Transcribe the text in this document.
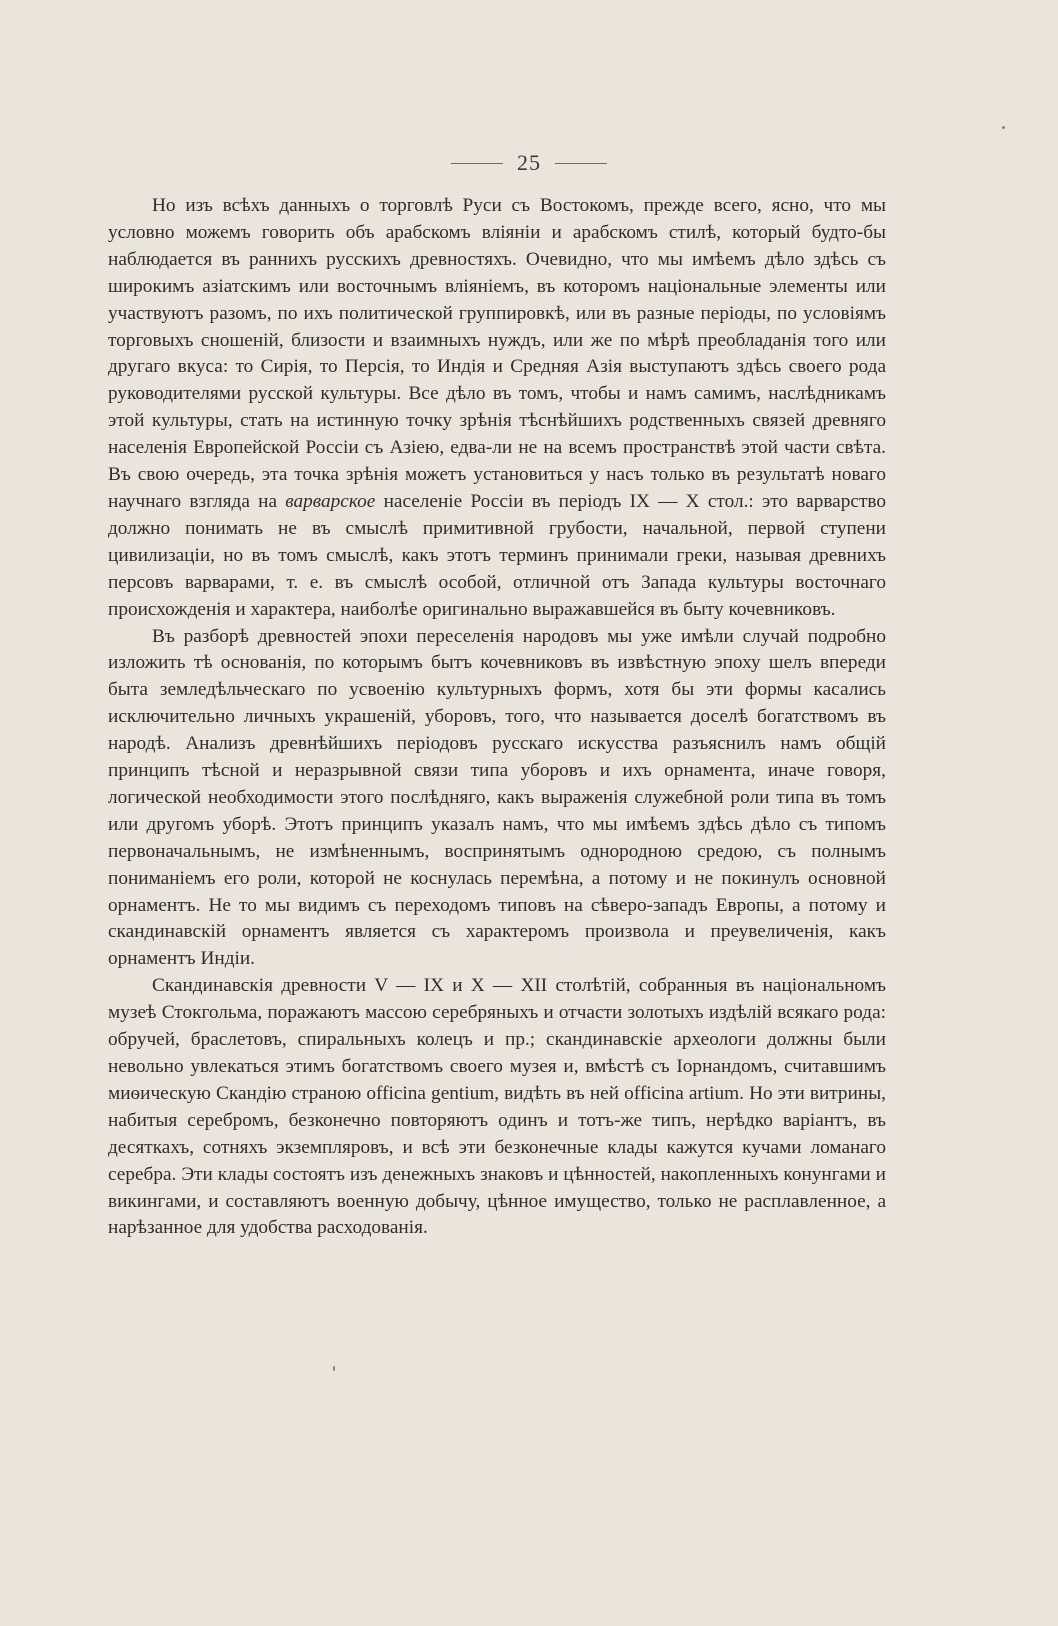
25

Но изъ всѣхъ данныхъ о торговлѣ Руси съ Востокомъ, прежде всего, ясно, что мы условно можемъ говорить объ арабскомъ вліяніи и арабскомъ стилѣ, который будто-бы наблюдается въ раннихъ русскихъ древностяхъ. Очевидно, что мы имѣемъ дѣло здѣсь съ широкимъ азіатскимъ или восточнымъ вліяніемъ, въ которомъ національные элементы или участвуютъ разомъ, по ихъ политической группировкѣ, или въ разные періоды, по условіямъ торговыхъ сношеній, близости и взаимныхъ нуждъ, или же по мѣрѣ преобладанія того или другаго вкуса: то Сирія, то Персія, то Индія и Средняя Азія выступаютъ здѣсь своего рода руководителями русской культуры. Все дѣло въ томъ, чтобы и намъ самимъ, наслѣдникамъ этой культуры, стать на истинную точку зрѣнія тѣснѣйшихъ родственныхъ связей древняго населенія Европейской Россіи съ Азіею, едва-ли не на всемъ пространствѣ этой части свѣта. Въ свою очередь, эта точка зрѣнія можетъ установиться у насъ только въ результатѣ новаго научнаго взгляда на варварское населеніе Россіи въ періодъ IX — X стол.: это варварство должно понимать не въ смыслѣ примитивной грубости, начальной, первой ступени цивилизаціи, но въ томъ смыслѣ, какъ этотъ терминъ принимали греки, называя древнихъ персовъ варварами, т. е. въ смыслѣ особой, отличной отъ Запада культуры восточнаго происхожденія и характера, наиболѣе оригинально выражавшейся въ быту кочевниковъ.

Въ разборѣ древностей эпохи переселенія народовъ мы уже имѣли случай подробно изложить тѣ основанія, по которымъ бытъ кочевниковъ въ извѣстную эпоху шелъ впереди быта земледѣльческаго по усвоенію культурныхъ формъ, хотя бы эти формы касались исключительно личныхъ украшеній, уборовъ, того, что называется доселѣ богатствомъ въ народѣ. Анализъ древнѣйшихъ періодовъ русскаго искусства разъяснилъ намъ общій принципъ тѣсной и неразрывной связи типа уборовъ и ихъ орнамента, иначе говоря, логической необходимости этого послѣдняго, какъ выраженія служебной роли типа въ томъ или другомъ уборѣ. Этотъ принципъ указалъ намъ, что мы имѣемъ здѣсь дѣло съ типомъ первоначальнымъ, не измѣненнымъ, воспринятымъ однородною средою, съ полнымъ пониманіемъ его роли, которой не коснулась перемѣна, а потому и не покинулъ основной орнаментъ. Не то мы видимъ съ переходомъ типовъ на сѣверо-западъ Европы, а потому и скандинавскій орнаментъ является съ характеромъ произвола и преувеличенія, какъ орнаментъ Индіи.

Скандинавскія древности V — IX и X — XII столѣтій, собранныя въ національномъ музеѣ Стокгольма, поражаютъ массою серебряныхъ и отчасти золотыхъ издѣлій всякаго рода: обручей, браслетовъ, спиральныхъ колецъ и пр.; скандинавскіе археологи должны были невольно увлекаться этимъ богатствомъ своего музея и, вмѣстѣ съ Іорнандомъ, считавшимъ миѳическую Скандію страною officina gentium, видѣть въ ней officina artium. Но эти витрины, набитыя серебромъ, безконечно повторяютъ одинъ и тотъ-же типъ, нерѣдко варіантъ, въ десяткахъ, сотняхъ экземпляровъ, и всѣ эти безконечные клады кажутся кучами ломанаго серебра. Эти клады состоятъ изъ денежныхъ знаковъ и цѣнностей, накопленныхъ конунгами и викингами, и составляютъ военную добычу, цѣнное имущество, только не расплавленное, а нарѣзанное для удобства расходованія.
